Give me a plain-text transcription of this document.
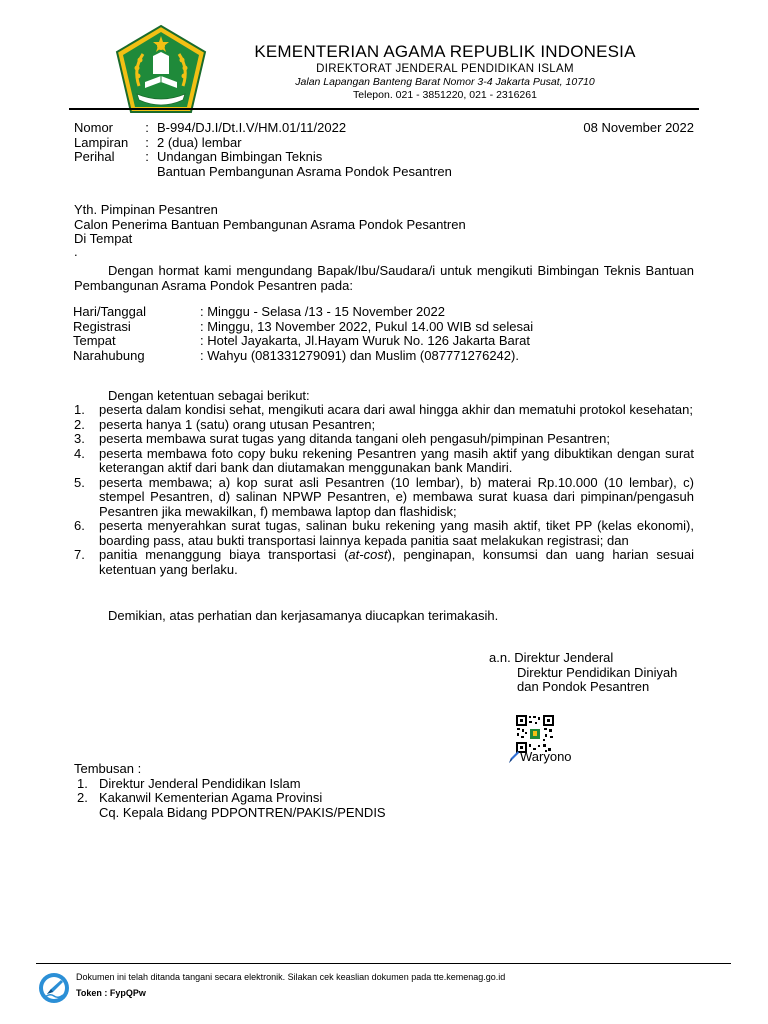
KEMENTERIAN AGAMA REPUBLIK INDONESIA
DIREKTORAT JENDERAL PENDIDIKAN ISLAM
Jalan Lapangan Banteng Barat Nomor 3-4 Jakarta Pusat, 10710
Telepon. 021 - 3851220, 021 - 2316261
Nomor	: B-994/DJ.I/Dt.I.V/HM.01/11/2022
Lampiran	: 2 (dua) lembar
Perihal	: Undangan Bimbingan Teknis
Bantuan Pembangunan Asrama Pondok Pesantren
08 November 2022
Yth. Pimpinan Pesantren
Calon Penerima Bantuan Pembangunan Asrama Pondok Pesantren
Di Tempat
.
Dengan hormat kami mengundang Bapak/Ibu/Saudara/i untuk mengikuti Bimbingan Teknis Bantuan Pembangunan Asrama Pondok Pesantren pada:
Hari/Tanggal	: Minggu - Selasa /13 - 15 November 2022
Registrasi	: Minggu, 13 November 2022, Pukul 14.00 WIB sd selesai
Tempat	: Hotel Jayakarta, Jl.Hayam Wuruk No. 126 Jakarta Barat
Narahubung	: Wahyu (081331279091) dan Muslim (087771276242).
Dengan ketentuan sebagai berikut:
1.	peserta dalam kondisi sehat, mengikuti acara dari awal hingga akhir dan mematuhi protokol kesehatan;
2.	peserta hanya 1 (satu) orang utusan Pesantren;
3.	peserta membawa surat tugas yang ditanda tangani oleh pengasuh/pimpinan Pesantren;
4.	peserta membawa foto copy buku rekening Pesantren yang masih aktif yang dibuktikan dengan surat keterangan aktif dari bank dan diutamakan menggunakan bank Mandiri.
5.	peserta membawa; a) kop surat asli Pesantren (10 lembar), b) materai Rp.10.000 (10 lembar), c) stempel Pesantren, d) salinan NPWP Pesantren, e) membawa surat kuasa dari pimpinan/pengasuh Pesantren jika mewakilkan, f) membawa laptop dan flashidisk;
6.	peserta menyerahkan surat tugas, salinan buku rekening yang masih aktif, tiket PP (kelas ekonomi), boarding pass, atau bukti transportasi lainnya kepada panitia saat melakukan registrasi; dan
7.	panitia menanggung biaya transportasi (at-cost), penginapan, konsumsi dan uang harian sesuai ketentuan yang berlaku.
Demikian, atas perhatian dan kerjasamanya diucapkan terimakasih.
a.n. Direktur Jenderal
Direktur Pendidikan Diniyah
dan Pondok Pesantren
Waryono
Tembusan :
1. Direktur Jenderal Pendidikan Islam
2. Kakanwil Kementerian Agama Provinsi
Cq. Kepala Bidang PDPONTREN/PAKIS/PENDIS
Dokumen ini telah ditanda tangani secara elektronik. Silakan cek keaslian dokumen pada tte.kemenag.go.id
Token : FypQPw
